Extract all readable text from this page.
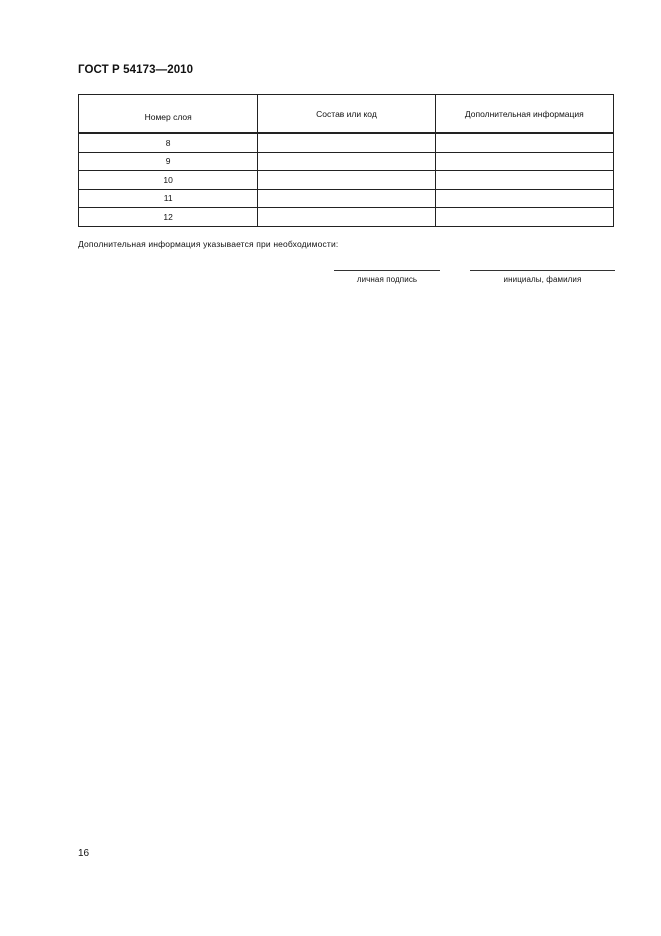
ГОСТ Р 54173—2010
Номер слоя	Состав или код	Дополнительная информация
8		
9		
10		
11		
12		
Дополнительная информация указывается при необходимости:
личная подпись	инициалы, фамилия
16
